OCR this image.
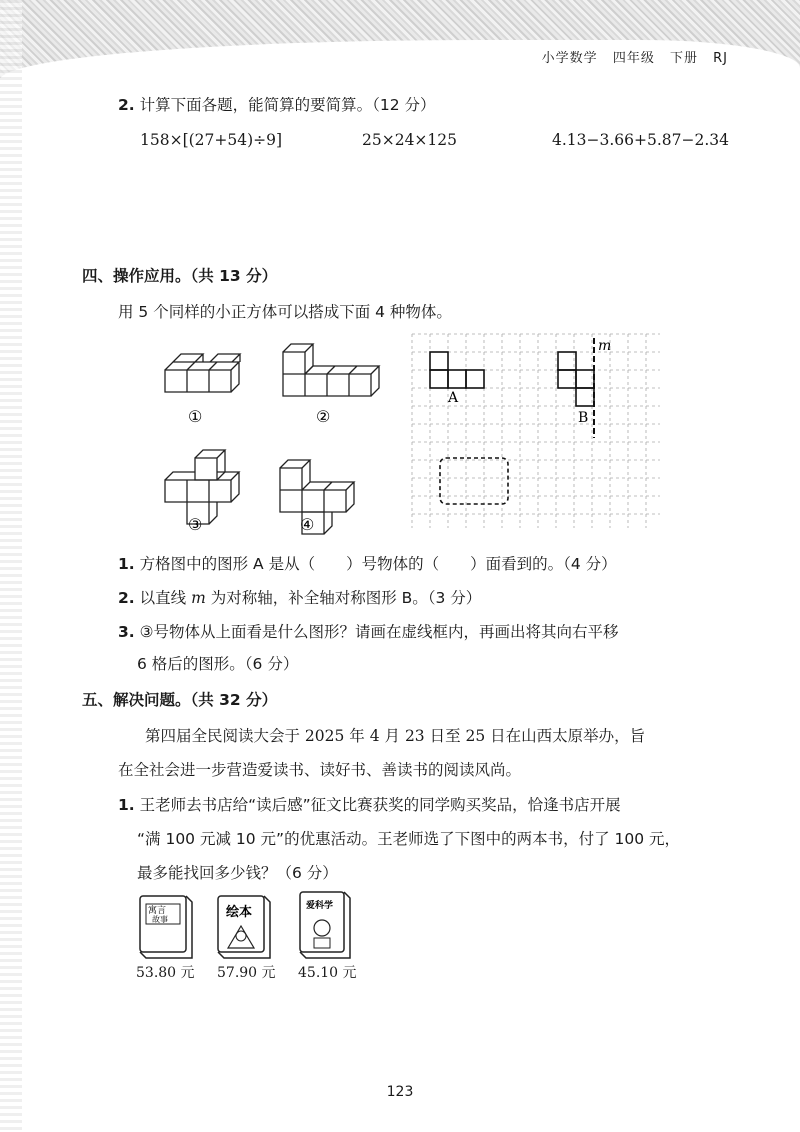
小学数学 四年级 下册 RJ
2. 计算下面各题，能简算的要简算。（12 分）
158×[(27+54)÷9]	25×24×125	4.13−3.66+5.87−2.34
四、操作应用。（共 13 分）
用 5 个同样的小正方体可以搭成下面 4 种物体。
①	②
③	④
m
A
B
1. 方格图中的图形 A 是从（　　）号物体的（　　）面看到的。（4 分）
2. 以直线 m 为对称轴，补全轴对称图形 B。（3 分）
3. ③号物体从上面看是什么图形？请画在虚线框内，再画出将其向右平移
6 格后的图形。（6 分）
五、解决问题。（共 32 分）
第四届全民阅读大会于 2025 年 4 月 23 日至 25 日在山西太原举办，旨
在全社会进一步营造爱读书、读好书、善读书的阅读风尚。
1. 王老师去书店给“读后感”征文比赛获奖的同学购买奖品，恰逢书店开展
“满 100 元减 10 元”的优惠活动。王老师选了下图中的两本书，付了 100 元，
最多能找回多少钱？（6 分）
寓言
故事	绘本	爱科学
53.80 元 57.90 元 45.10 元
123
